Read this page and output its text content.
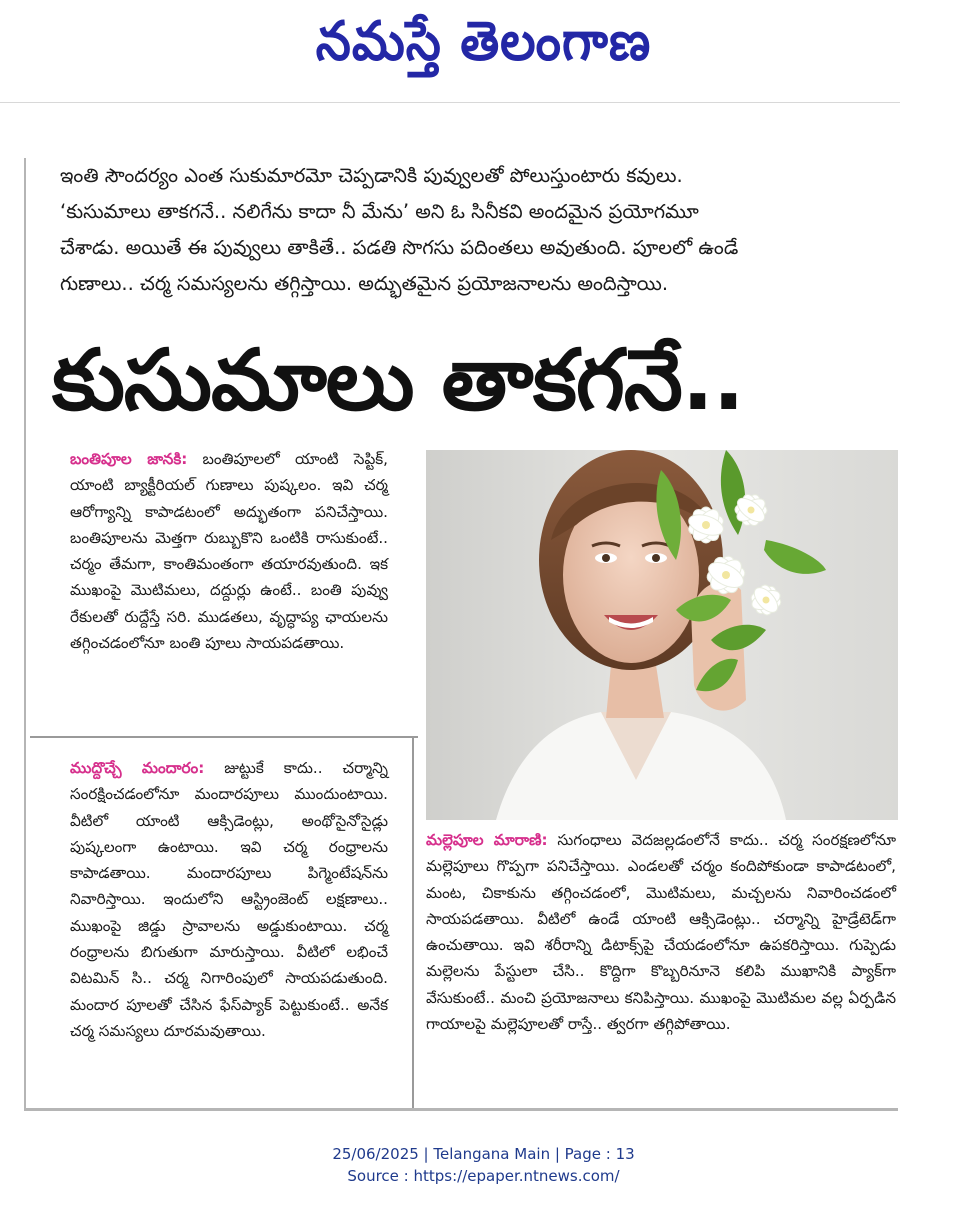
నమస్తే తెలంగాణ

ఇంతి సౌందర్యం ఎంత సుకుమారమో చెప్పడానికి పువ్వులతో పోలుస్తుంటారు కవులు.

‘కుసుమాలు తాకగనే.. నలిగేను కాదా నీ మేను’ అని ఓ సినీకవి అందమైన ప్రయోగమూ

చేశాడు. అయితే ఈ పువ్వులు తాకితే.. పడతి సొగసు పదింతలు అవుతుంది. పూలలో ఉండే

గుణాలు.. చర్మ సమస్యలను తగ్గిస్తాయి. అద్భుతమైన ప్రయోజనాలను అందిస్తాయి.

కుసుమాలు తాకగనే..

బంతిపూల జానకి: బంతిపూలలో యాంటి సెప్టిక్, యాంటి బ్యాక్టీరియల్ గుణాలు పుష్కలం. ఇవి చర్మ ఆరోగ్యాన్ని కాపాడటంలో అద్భుతంగా పనిచేస్తాయి. బంతిపూలను మెత్తగా రుబ్బుకొని ఒంటికి రాసుకుంటే.. చర్మం తేమగా, కాంతిమంతంగా తయారవుతుంది. ఇక ముఖంపై మొటిమలు, దద్దుర్లు ఉంటే.. బంతి పువ్వు రేకులతో రుద్దేస్తే సరి. ముడతలు, వృద్ధాప్య ఛాయలను తగ్గించడంలోనూ బంతి పూలు సాయపడతాయి.

ముద్దొచ్చే మందారం: జుట్టుకే కాదు.. చర్మాన్ని సంరక్షించడంలోనూ మందారపూలు ముందుంటాయి. వీటిలో యాంటి ఆక్సిడెంట్లు, అంథోసైనోసైడ్లు పుష్కలంగా ఉంటాయి. ఇవి చర్మ రంధ్రాలను కాపాడతాయి. మందారపూలు పిగ్మెంటేషన్‌ను నివారిస్తాయి. ఇందులోని ఆస్ట్రింజెంట్ లక్షణాలు.. ముఖంపై జిడ్డు స్రావాలను అడ్డుకుంటాయి. చర్మ రంధ్రాలను బిగుతుగా మారుస్తాయి. వీటిలో లభించే విటమిన్ సి.. చర్మ నిగారింపులో సాయపడుతుంది. మందార పూలతో చేసిన ఫేస్‌ప్యాక్ పెట్టుకుంటే.. అనేక చర్మ సమస్యలు దూరమవుతాయి.

మల్లెపూల మారాణి: సుగంధాలు వెదజల్లడంలోనే కాదు.. చర్మ సంరక్షణలోనూ మల్లెపూలు గొప్పగా పనిచేస్తాయి. ఎండలతో చర్మం కందిపోకుండా కాపాడటంలో, మంట, చికాకును తగ్గించడంలో, మొటిమలు, మచ్చలను నివారించడంలో సాయపడతాయి. వీటిలో ఉండే యాంటి ఆక్సిడెంట్లు.. చర్మాన్ని హైడ్రేటెడ్‌గా ఉంచుతాయి. ఇవి శరీరాన్ని డిటాక్స్‌పై చేయడంలోనూ ఉపకరిస్తాయి. గుప్పెడు మల్లెలను పేస్టులా చేసి.. కొద్దిగా కొబ్బరినూనె కలిపి ముఖానికి ప్యాక్‌గా వేసుకుంటే.. మంచి ప్రయోజనాలు కనిపిస్తాయి. ముఖంపై మొటిమల వల్ల ఏర్పడిన గాయాలపై మల్లెపూలతో రాస్తే.. త్వరగా తగ్గిపోతాయి.

25/06/2025 | Telangana Main | Page : 13
Source : https://epaper.ntnews.com/
